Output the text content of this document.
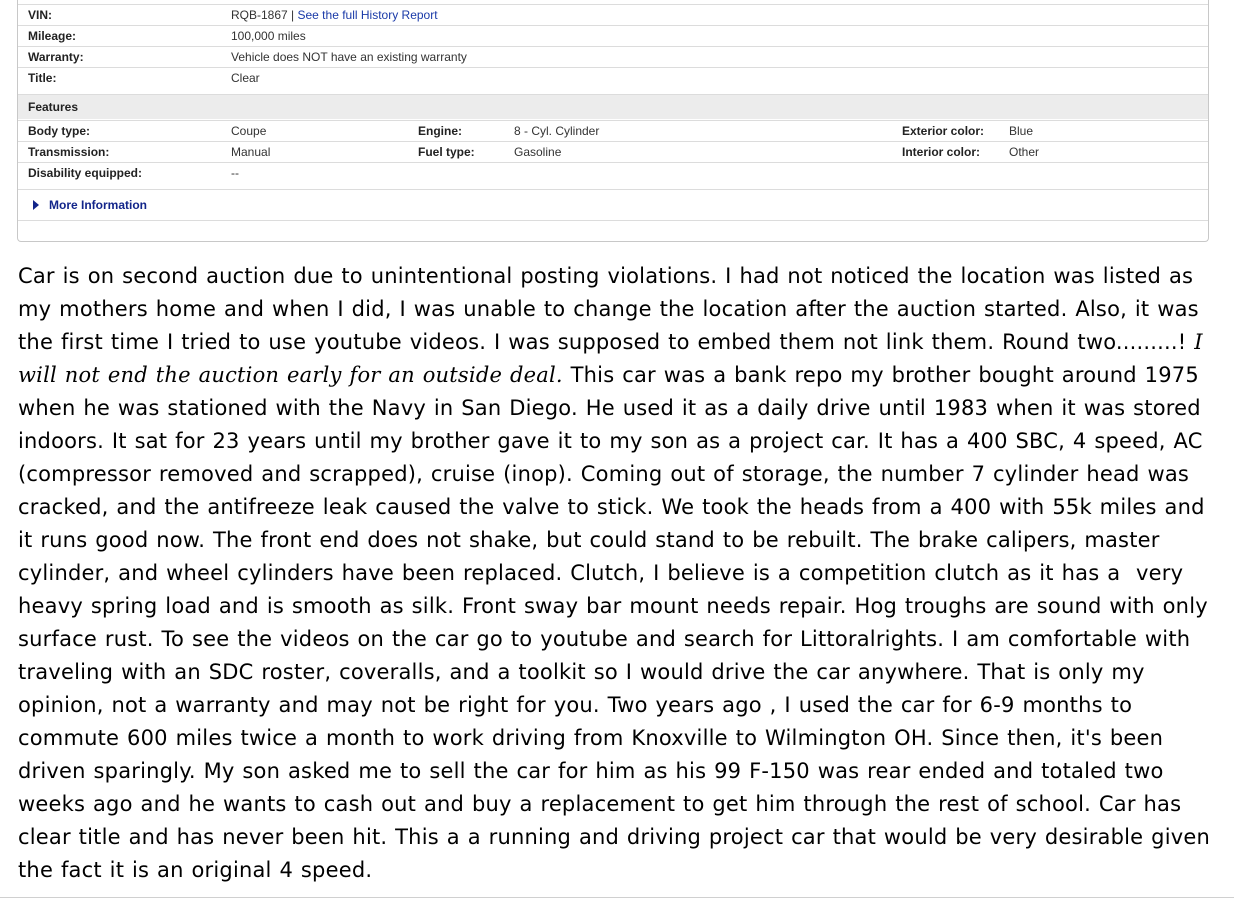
VIN:	RQB-1867 | See the full History Report
Mileage:	100,000 miles
Warranty:	Vehicle does NOT have an existing warranty
Title:	Clear
Features
Body type:	Coupe	Engine:	8 - Cyl. Cylinder	Exterior color: Blue
Transmission:	Manual	Fuel type:	Gasoline	Interior color: Other
Disability equipped:	--
More Information
Car is on second auction due to unintentional posting violations. I had not noticed the location was listed as my mothers home and when I did, I was unable to change the location after the auction started. Also, it was the first time I tried to use youtube videos. I was supposed to embed them not link them. Round two.........! I will not end the auction early for an outside deal. This car was a bank repo my brother bought around 1975 when he was stationed with the Navy in San Diego. He used it as a daily drive until 1983 when it was stored indoors. It sat for 23 years until my brother gave it to my son as a project car. It has a 400 SBC, 4 speed, AC (compressor removed and scrapped), cruise (inop). Coming out of storage, the number 7 cylinder head was cracked, and the antifreeze leak caused the valve to stick. We took the heads from a 400 with 55k miles and it runs good now. The front end does not shake, but could stand to be rebuilt. The brake calipers, master cylinder, and wheel cylinders have been replaced. Clutch, I believe is a competition clutch as it has a  very heavy spring load and is smooth as silk. Front sway bar mount needs repair. Hog troughs are sound with only surface rust. To see the videos on the car go to youtube and search for Littoralrights. I am comfortable with traveling with an SDC roster, coveralls, and a toolkit so I would drive the car anywhere. That is only my opinion, not a warranty and may not be right for you. Two years ago , I used the car for 6-9 months to commute 600 miles twice a month to work driving from Knoxville to Wilmington OH. Since then, it's been driven sparingly. My son asked me to sell the car for him as his 99 F-150 was rear ended and totaled two weeks ago and he wants to cash out and buy a replacement to get him through the rest of school. Car has clear title and has never been hit. This a a running and driving project car that would be very desirable given the fact it is an original 4 speed.
